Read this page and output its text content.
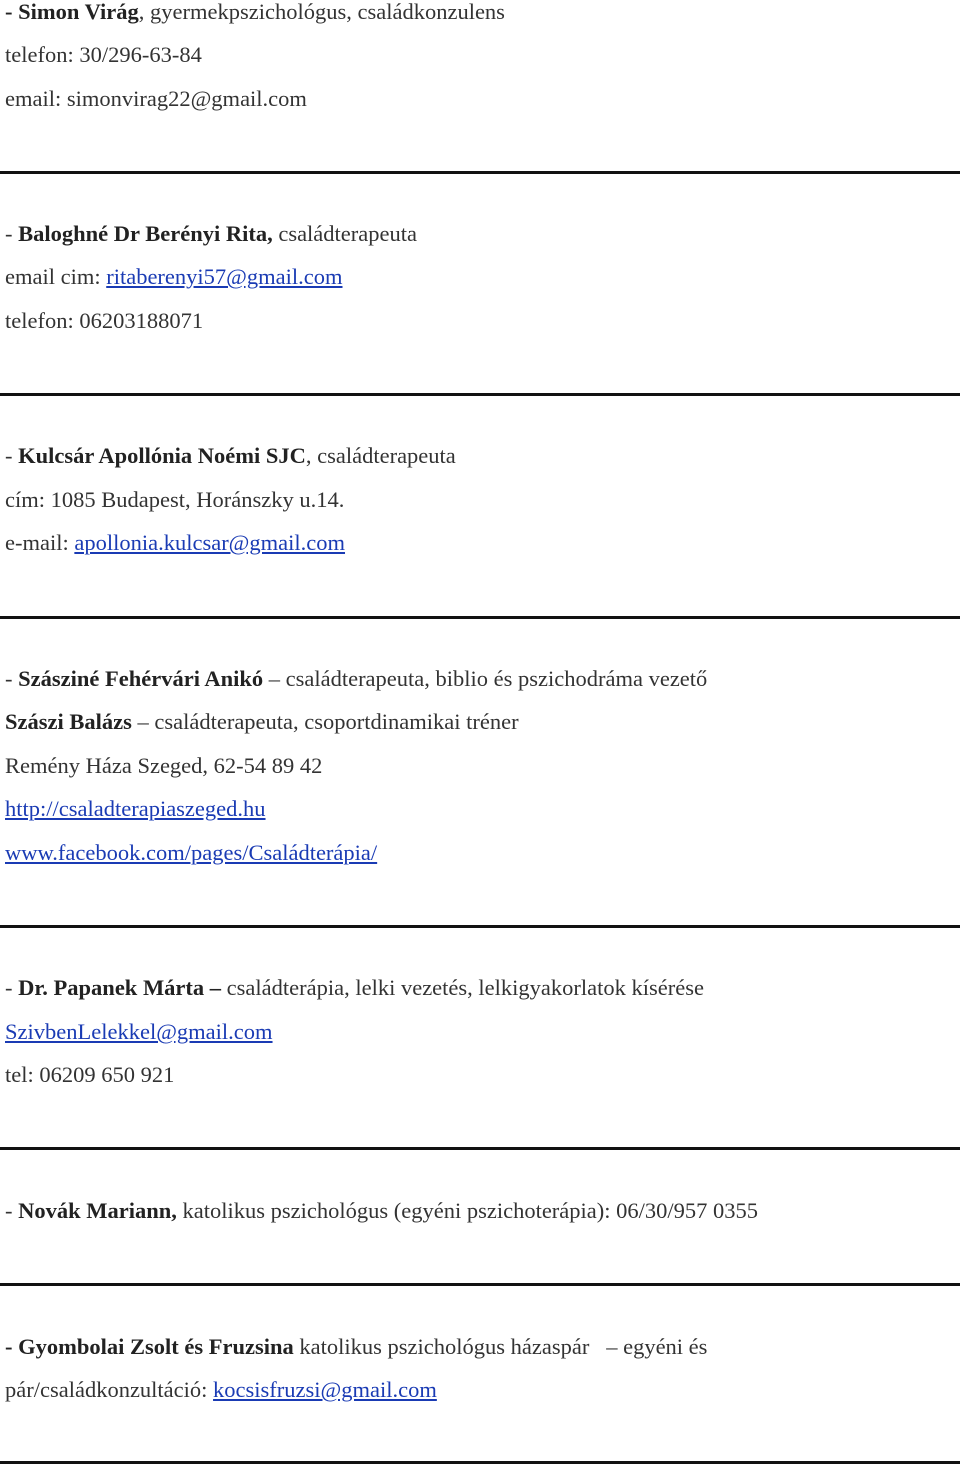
- Simon Virág, gyermekpszichológus, családkonzulens
telefon: 30/296-63-84
email: simonvirag22@gmail.com
- Baloghné Dr Berényi Rita, családterapeuta
email cim: ritaberenyi57@gmail.com
telefon: 06203188071
- Kulcsár Apollónia Noémi SJC, családterapeuta
cím: 1085 Budapest, Horánszky u.14.
e-mail: apollonia.kulcsar@gmail.com
- Szásziné Fehérvári Anikó – családterapeuta, biblio és pszichodráma vezető
Szászi Balázs – családterapeuta, csoportdinamikai tréner
Remény Háza Szeged, 62-54 89 42
http://csaladterapiaszeged.hu
www.facebook.com/pages/Családterápia/
- Dr. Papanek Márta – családterápia, lelki vezetés, lelkigyakorlatok kísérése
SzivbenLelekkel@gmail.com
tel: 06209 650 921
- Novák Mariann, katolikus pszichológus (egyéni pszichoterápia): 06/30/957 0355
- Gyombolai Zsolt és Fruzsina katolikus pszichológus házaspár – egyéni és
pár/családkonzultáció: kocsisfruzsi@gmail.com
